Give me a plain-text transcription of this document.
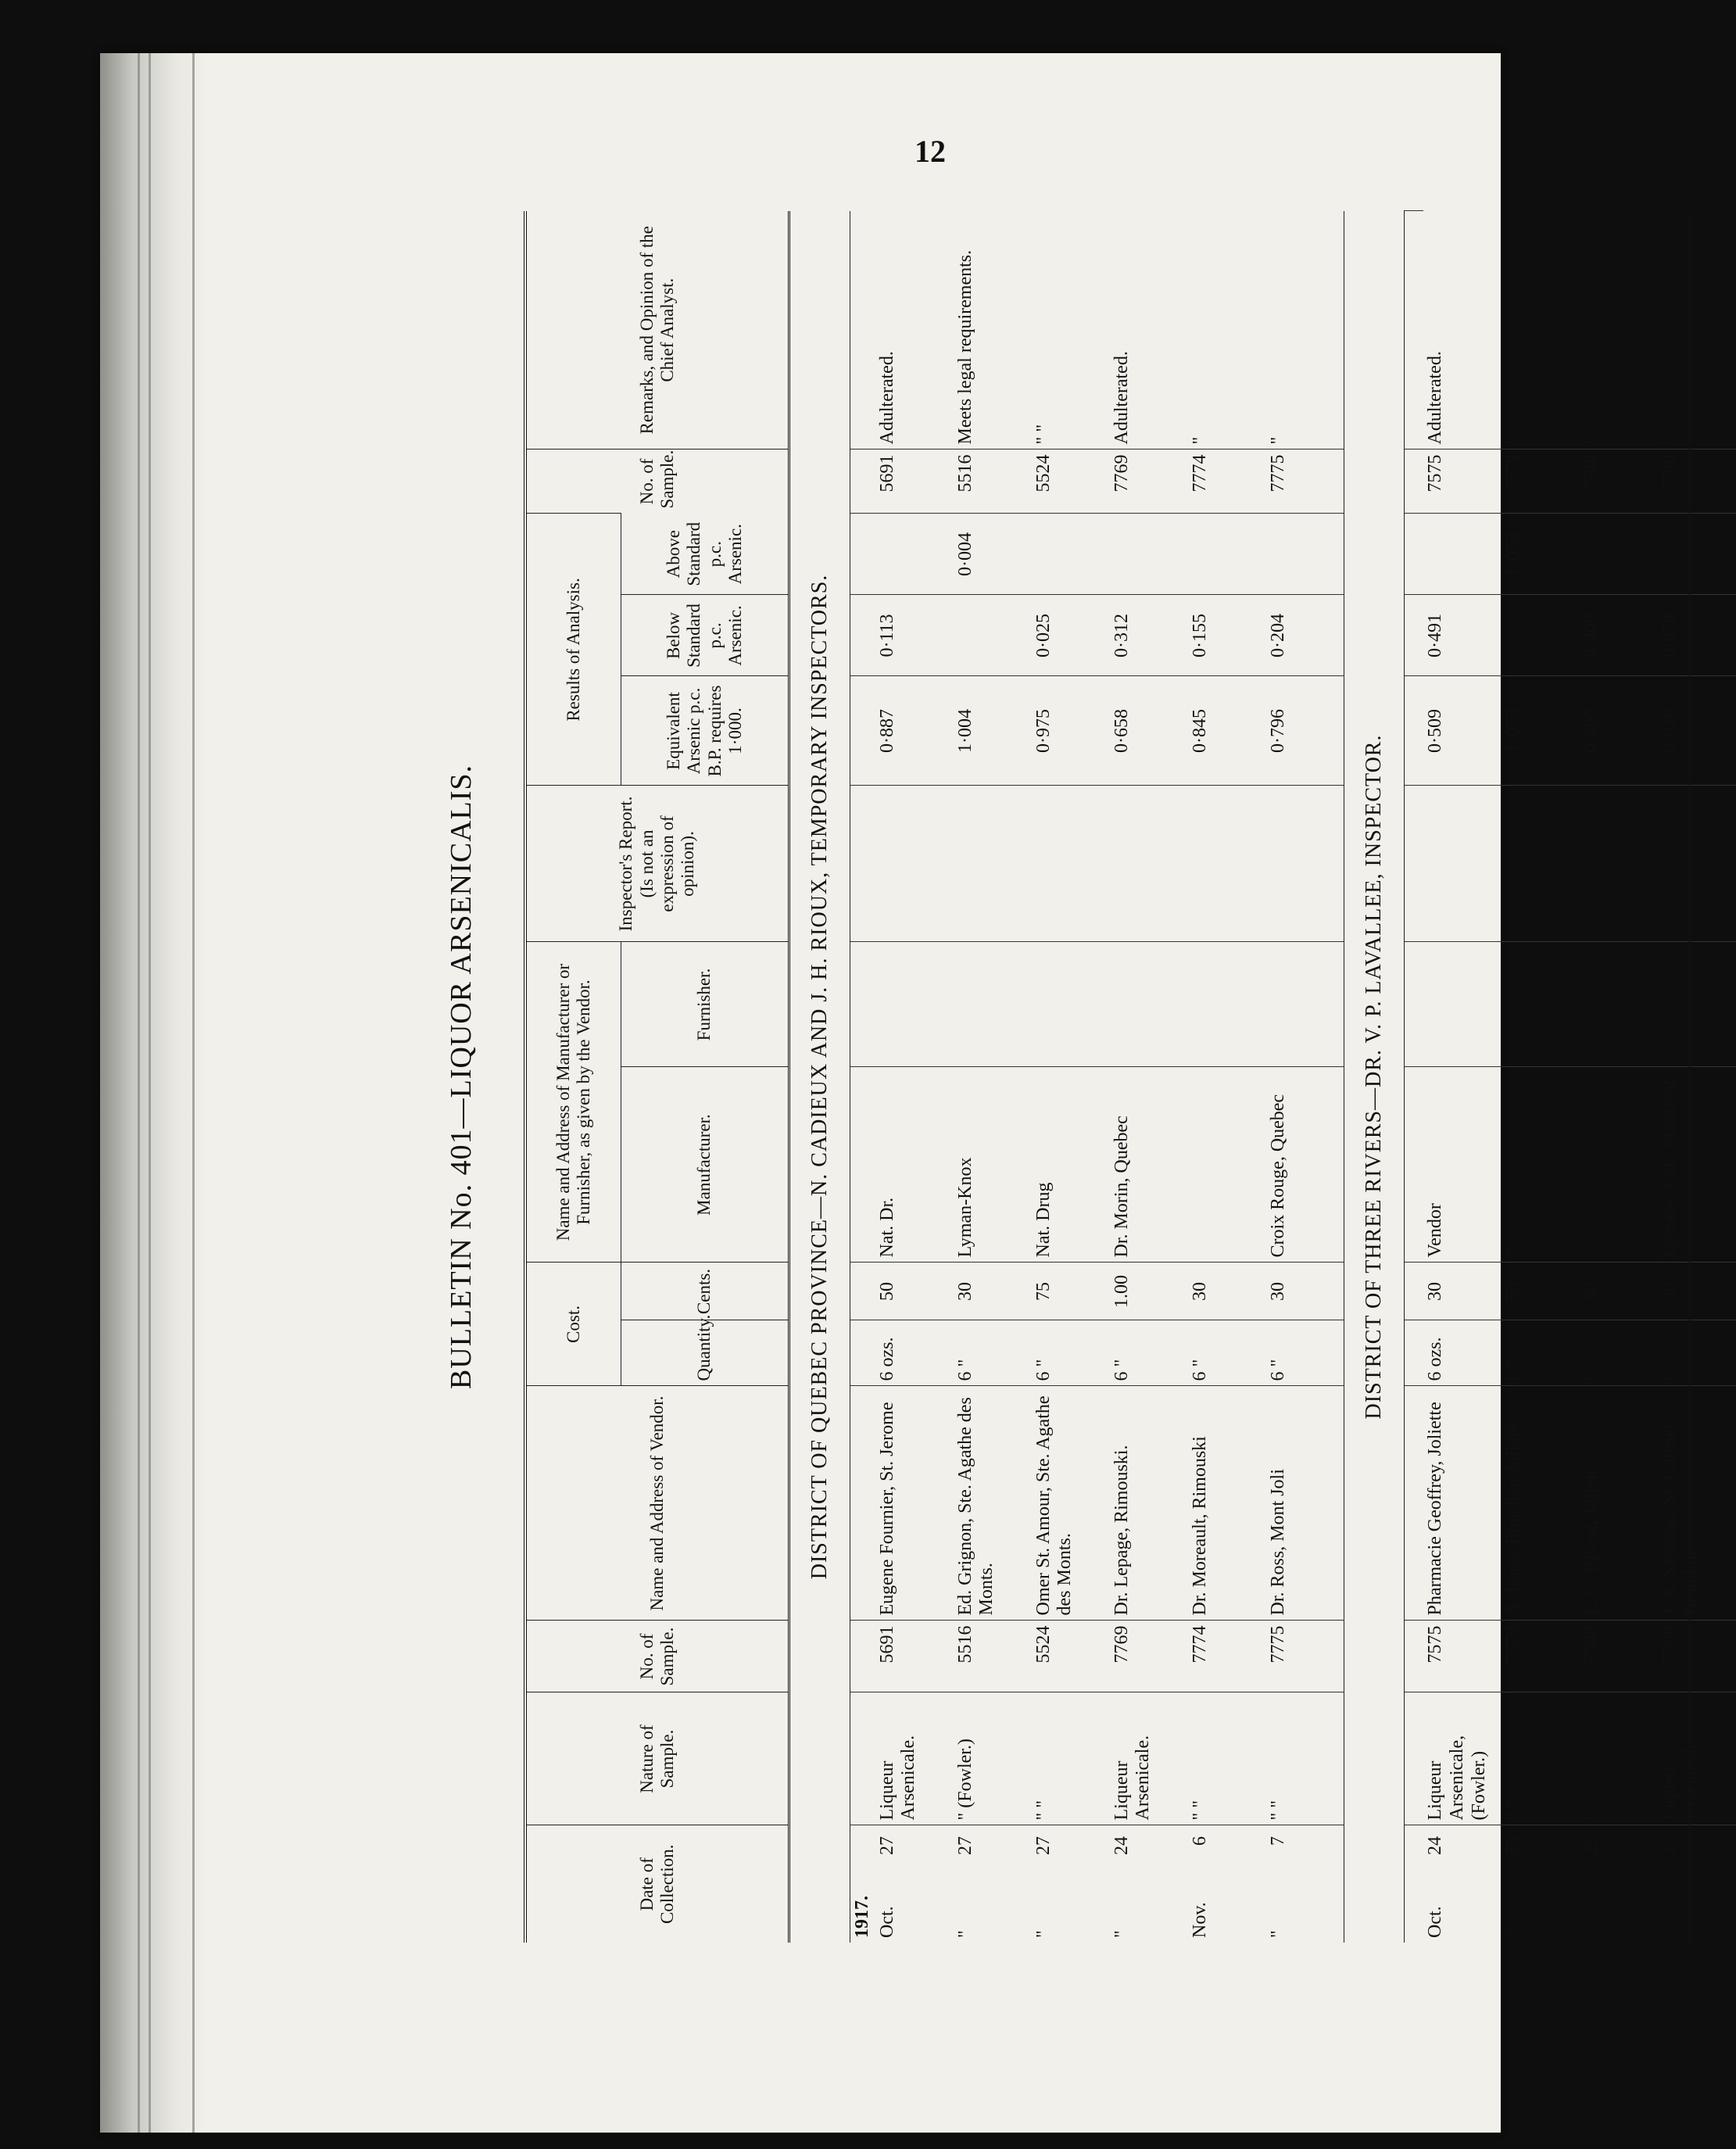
12
BULLETIN No. 401—LIQUOR ARSENICALIS.
Date of Collection.	Nature of Sample.	No. of Sample.	Name and Address of Vendor.	Cost.		Name and Address of Manufacturer or Furnisher, as given by the Vendor.		Inspector's Report. (Is not an expression of opinion).	Results of Analysis.			No. of Sample.	Remarks, and Opinion of the Chief Analyst.
				Quantity.	Cents.	Manufacturer.	Furnisher.		Equivalent Arsenic p.c. B.P. requires 1·000.	Below Standard p.c. Arsenic.	Above Standard p.c. Arsenic.		
DISTRICT OF QUEBEC PROVINCE—N. CADIEUX AND J. H. RIOUX, TEMPORARY INSPECTORS.													
1917.													
Oct.27	Liqueur Arsenicale.	5691	Eugene Fournier, St. Jerome	6 ozs.	50	Nat. Dr.			0·887	0·113		5691	Adulterated.
"27	" (Fowler.)	5516	Ed. Grignon, Ste. Agathe des Monts.	6 "	30	Lyman-Knox			1·004		0·004	5516	Meets legal requirements.
"27	" "	5524	Omer St. Amour, Ste. Agathe des Monts.	6 "	75	Nat. Drug			0·975	0·025		5524	" "
"24	Liqueur Arsenicale.	7769	Dr. Lepage, Rimouski.	6 "	1.00	Dr. Morin, Quebec			0·658	0·312		7769	Adulterated.
Nov.6	" "	7774	Dr. Moreault, Rimouski	6 "	30				0·845	0·155		7774	"
"7	" "	7775	Dr. Ross, Mont Joli	6 "	30	Croix Rouge, Quebec			0·796	0·204		7775	"
DISTRICT OF THREE RIVERS—DR. V. P. LAVALLEE, INSPECTOR.													

Oct.24	Liqueur Arsenicale, (Fowler.)	7575	Pharmacie Geoffrey, Joliette	6 ozs.	30	Vendor			0·509	0·491		7575	Adulterated.
"25	" " "	7579	A. Louis Boucher, Joliette	6 "	50	"			1·053		1·053	7579	"
"25	" " "	7580	L. C. Rivest, Joliette	6 "	60	"			0·600	0·400		7580	"
"27	Liqueur Arsenicale.	7590	J. A. Sarrazin, St. Gabriel Brandon.	6 "	30	Lymans, Ltd., Montreal.			0·926	0·074		7590	"
